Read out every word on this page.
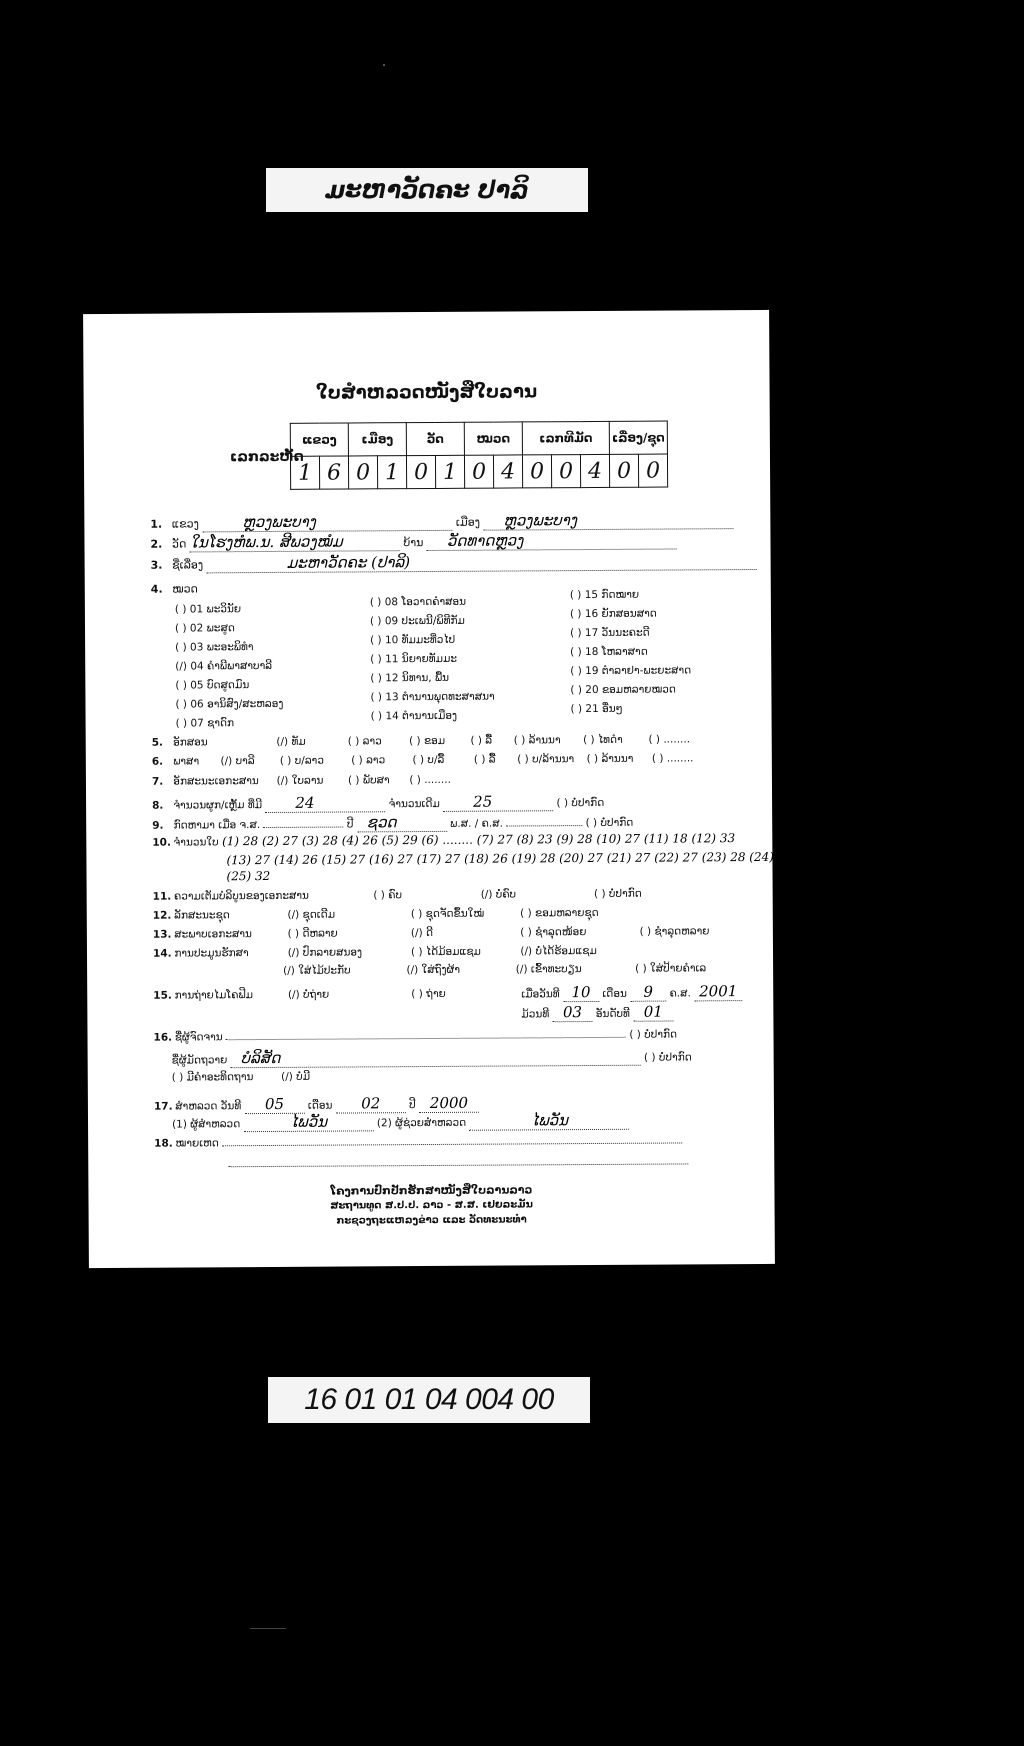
ມະຫາວັດຄະ ປາລິ
ໃບສຳຫລວດໜັງສືໃບລານ
ເລກລະຫັດ
ແຂວງ		ເມືອງ		ວັດ		ໝວດ		ເລກທີມັດ			ເລື່ອງ/ຊຸດ	
1	6	0	1	0	1	0	4	0	0	4	0	0
1. ແຂວງ	ຫຼວງພະບາງ	ເມືອງ ຫຼວງພະບາງ
2. ວັດ ໃນໂຮງຫໍພ.ນ. ສີພວງໝໍມ	ບ້ານ ວັດທາດຫຼວງ
3. ຊື່ເລື່ອງ	ມະຫາວັດຄະ (ປາລິ)
4. ໝວດ
( ) 01 ພະວິນັຍ
( ) 02 ພະສູດ
( ) 03 ພະອະພິທຳ
(/) 04 ຄຳພີພາສາບາລີ
( ) 05 ບົດສູດມົນ
( ) 06 ອານິສົງ/ສະຫລອງ
( ) 07 ຊາດົກ
( ) 08 ໂອວາດຄຳສອນ
( ) 09 ປະເພນີ/ພິທີກັມ
( ) 10 ທັມມະທີ່ວໄປ
( ) 11 ນິຍາຍທັມມະ
( ) 12 ນິທານ, ພື້ນ
( ) 13 ຕຳນານພຸດທະສາສນາ
( ) 14 ຕຳນານເມືອງ
( ) 15 ກົດໝາຍ
( ) 16 ຍັກສອນສາດ
( ) 17 ວັນນະຄະດີ
( ) 18 ໂຫລາສາດ
( ) 19 ຕຳລາຢາ-ພະຍະສາດ
( ) 20 ຂອມຫລາຍໝວດ
( ) 21 ອື່ນໆ
5. ອັກສອນ	(/) ທັມ	( ) ລາວ	( ) ຂອມ ( ) ລື້ ( ) ລ້ານນາ ( ) ໄທດຳ ( ) ........
6. ພາສາ (/) ບາລີ ( ) ບ/ລາວ	( ) ລາວ	( ) ບ/ລື້	( ) ລື້ ( ) ບ/ລ້ານນາ ( ) ລ້ານນາ ( ) ........
7. ອັກສະນະເອກະສານ (/) ໃບລານ ( ) ພັບສາ ( ) ........
8. ຈຳນວນຜູກ/ເຫຼັ້ມ ທີ່ມີ 24	ຈຳນວນເດີມ 25	( ) ບໍ່ປາກົດ
9. ກົດຫາມາ ເມື່ອ ຈ.ສ.	ປີ ຊວດ	ພ.ສ. / ຄ.ສ.	( ) ບໍ່ປາກົດ
10. ຈຳນວນໃບ (1) 28 (2) 27 (3) 28 (4) 26 (5) 29 (6) ........ (7) 27 (8) 23 (9) 28 (10) 27 (11) 18 (12) 33
(13) 27 (14) 26 (15) 27 (16) 27 (17) 27 (18) 26 (19) 28 (20) 27 (21) 27 (22) 27 (23) 28 (24) 26
(25) 32
11. ຄວາມເຕັມບໍລິບູນຂອງເອກະສານ	( ) ຄົບ	(/) ບໍ່ຄົບ	( ) ບໍ່ປາກົດ
12. ລັກສະນະຊຸດ	(/) ຊຸດເດີມ	( ) ຊຸດຈັດຂຶ້ນໃໝ່	( ) ຂອມຫລາຍຊຸດ
13. ສະພາບເອກະສານ	( ) ດີຫລາຍ	(/) ດີ	( ) ຊຳລຸດໜ້ອຍ	( ) ຊຳລຸດຫລາຍ
14. ການປະມູນຮັກສາ	(/) ປົກລາຍສນອງ	( ) ໄດ້ມ້ອມແຊມ	(/) ບໍ່ໄດ້ຮ້ອມແຊມ
(/) ໃສ່ໄມ້ປະກັບ	(/) ໃສ່ຖົງຜ້າ	(/) ເຂົ້າທະບຽນ	( ) ໃສ່ປ້າຍຄຳເລ
15. ການຖ່າຍໄມໂຄຟີມ	(/) ບໍ່ຖ່າຍ	( ) ຖ່າຍ	ເມື່ອວັນທີ 10 ເດືອນ 9 ຄ.ສ. 2001
ມ້ວນທີ 03 ອັນດັບທີ 01
16. ຊື່ຜູ້ຈົດຈານ	( ) ບໍ່ປາກົດ
ຊື່ຜູ້ມັດຖວາຍ ບໍລິສັດ	( ) ບໍ່ປາກົດ
( ) ມີຄຳອະທິດຖານ	(/) ບໍ່ມີ
17. ສຳຫລວດ ວັນທີ 05 ເດືອນ 02	ປີ 2000
(1) ຜູ້ສຳຫລວດ	ໄພວັນ	(2) ຜູ້ຊ່ວຍສຳຫລວດ	ໄພວັນ
18. ໝາຍເຫດ
ໂຄງການປົກປັກຮັກສາໜັງສືໃບລານລາວ
ສະຖານທູດ ສ.ປ.ປ. ລາວ - ສ.ສ. ເຢຍລະມັນ
ກະຊວງຖະແຫລງຂ່າວ ແລະ ວັດທະນະທຳ
16 01 01 04 004 00
